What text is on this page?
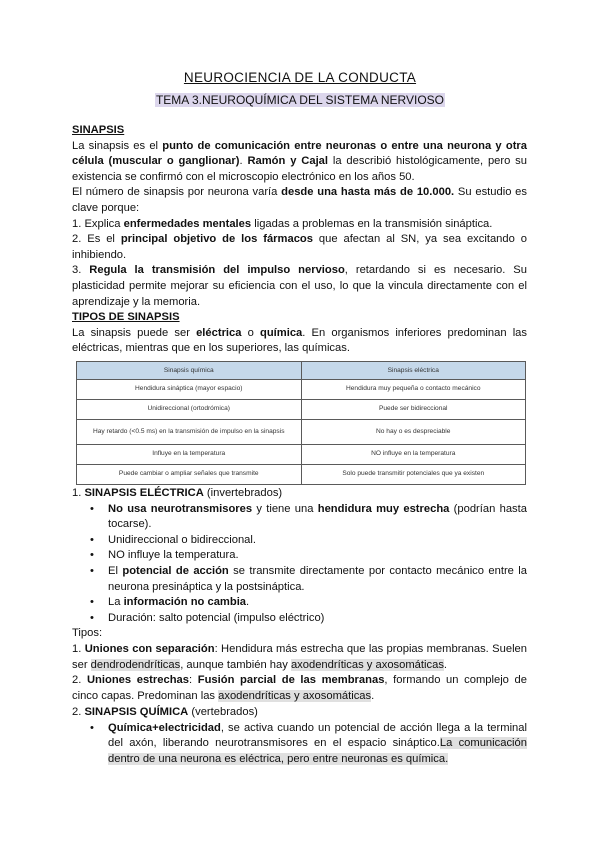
NEUROCIENCIA DE LA CONDUCTA
TEMA 3.NEUROQUÍMICA DEL SISTEMA NERVIOSO
SINAPSIS

La sinapsis es el punto de comunicación entre neuronas o entre una neurona y otra célula (muscular o ganglionar). Ramón y Cajal la describió histológicamente, pero su existencia se confirmó con el microscopio electrónico en los años 50.

El número de sinapsis por neurona varía desde una hasta más de 10.000. Su estudio es clave porque:

1. Explica enfermedades mentales ligadas a problemas en la transmisión sináptica.

2. Es el principal objetivo de los fármacos que afectan al SN, ya sea excitando o inhibiendo.

3. Regula la transmisión del impulso nervioso, retardando si es necesario. Su plasticidad permite mejorar su eficiencia con el uso, lo que la vincula directamente con el aprendizaje y la memoria.

TIPOS DE SINAPSIS

La sinapsis puede ser eléctrica o química. En organismos inferiores predominan las eléctricas, mientras que en los superiores, las químicas.

Sinapsis química	Sinapsis eléctrica
Hendidura sináptica (mayor espacio)	Hendidura muy pequeña o contacto mecánico
Unidireccional (ortodrómica)	Puede ser bidireccional
Hay retardo (<0.5 ms) en la transmisión de impulso en la sinapsis	No hay o es despreciable
Influye en la temperatura	NO influye en la temperatura
Puede cambiar o ampliar señales que transmite	Solo puede transmitir potenciales que ya existen

1. SINAPSIS ELÉCTRICA (invertebrados)

• No usa neurotransmisores y tiene una hendidura muy estrecha (podrían hasta tocarse).
• Unidireccional o bidireccional.
• NO influye la temperatura.
• El potencial de acción se transmite directamente por contacto mecánico entre la neurona presináptica y la postsináptica.
• La información no cambia.
• Duración: salto potencial (impulso eléctrico)

Tipos:

1. Uniones con separación: Hendidura más estrecha que las propias membranas. Suelen ser dendrodendríticas, aunque también hay axodendríticas y axosomáticas.

2. Uniones estrechas: Fusión parcial de las membranas, formando un complejo de cinco capas. Predominan las axodendríticas y axosomáticas.

2. SINAPSIS QUÍMICA (vertebrados)

• Química+electricidad, se activa cuando un potencial de acción llega a la terminal del axón, liberando neurotransmisores en el espacio sináptico.La comunicación dentro de una neurona es eléctrica, pero entre neuronas es química.
